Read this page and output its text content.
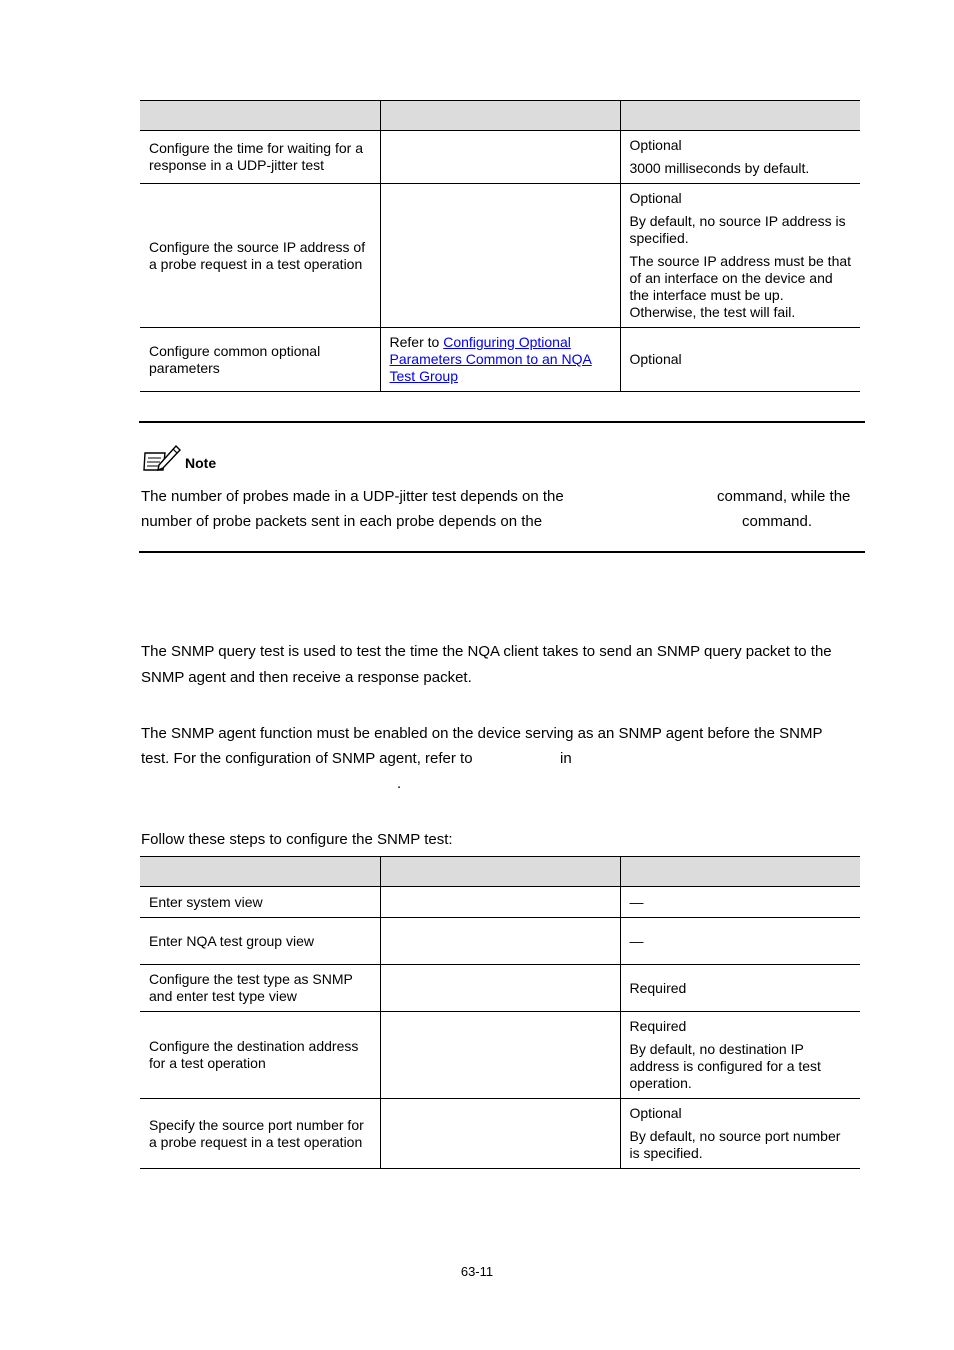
Configure the time for waiting for a response in a UDP-jitter test		Optional
3000 milliseconds by default.

Configure the source IP address of a probe request in a test operation		Optional
By default, no source IP address is specified.
The source IP address must be that of an interface on the device and the interface must be up. Otherwise, the test will fail.

Configure common optional parameters	Refer to Configuring Optional Parameters Common to an NQA Test Group	Optional
Note
The number of probes made in a UDP-jitter test depends on the	command, while the
number of probe packets sent in each probe depends on the	command.
The SNMP query test is used to test the time the NQA client takes to send an SNMP query packet to the
SNMP agent and then receive a response packet.
The SNMP agent function must be enabled on the device serving as an SNMP agent before the SNMP
test. For the configuration of SNMP agent, refer to	in
.
Follow these steps to configure the SNMP test:

Enter system view		—

Enter NQA test group view		—

Configure the test type as SNMP and enter test type view		Required

Configure the destination address for a test operation		Required
By default, no destination IP address is configured for a test operation.

Specify the source port number for a probe request in a test operation		Optional
By default, no source port number is specified.
63-11
